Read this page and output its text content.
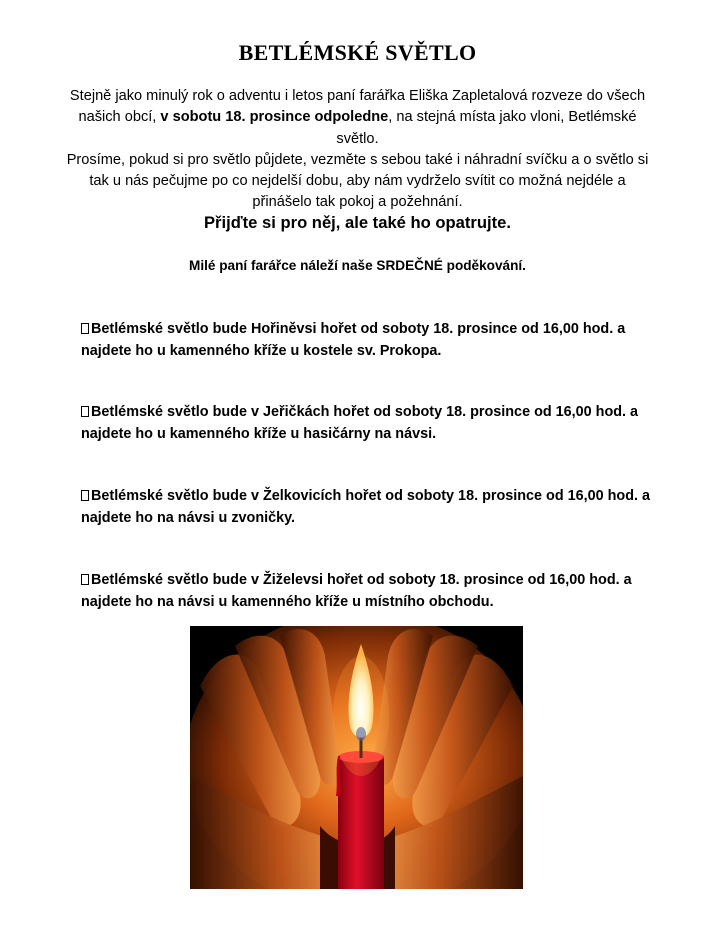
BETLÉMSKÉ SVĚTLO
Stejně jako minulý rok o adventu i letos paní farářka Eliška Zapletalová rozveze do všech našich obcí, v sobotu 18. prosince odpoledne, na stejná místa jako vloni, Betlémské světlo.
Prosíme, pokud si pro světlo půjdete, vezměte s sebou také i náhradní svíčku a o světlo si tak u nás pečujme po co nejdelší dobu, aby nám vydrželo svítit co možná nejdéle a přinášelo tak pokoj a požehnání.
Přijďte si pro něj, ale také ho opatrujte.
Milé paní farářce náleží naše SRDEČNÉ poděkování.
Betlémské světlo bude Hořiněvsi hořet od soboty 18. prosince od 16,00 hod. a najdete ho u kamenného kříže u kostele sv. Prokopa.
Betlémské světlo bude v Jeřičkách hořet od soboty 18. prosince od 16,00 hod. a najdete ho u kamenného kříže u hasičárny na návsi.
Betlémské světlo bude v Želkovicích hořet od soboty 18. prosince od 16,00 hod. a najdete ho na návsi u zvoničky.
Betlémské světlo bude v Žiželevsi hořet od soboty 18. prosince od 16,00 hod. a najdete ho na návsi u kamenného kříže u místního obchodu.
